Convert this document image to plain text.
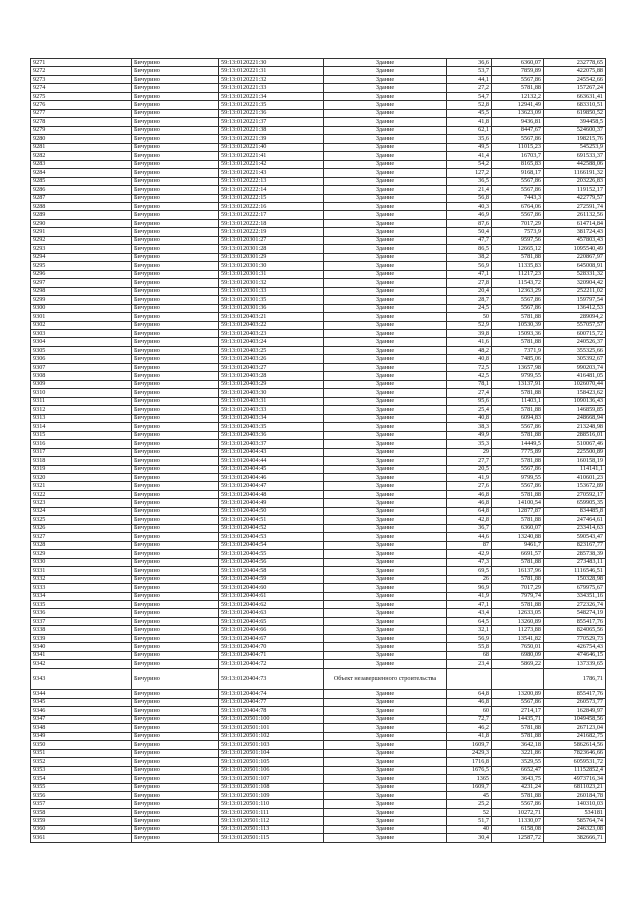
9271	Бичурино	59:13:0120221:30	Здание	36,6	6360,07	232778,65
9272	Бичурино	59:13:0120221:31	Здание	53,7	7859,89	422075,88
9273	Бичурино	59:13:0120221:32	Здание	44,1	5567,86	245542,66
9274	Бичурино	59:13:0120221:33	Здание	27,2	5781,88	157267,24
9275	Бичурино	59:13:0120221:34	Здание	54,7	12132,2	663631,41
9276	Бичурино	59:13:0120221:35	Здание	52,8	12941,49	683310,51
9277	Бичурино	59:13:0120221:36	Здание	45,5	13623,09	619850,52
9278	Бичурино	59:13:0120221:37	Здание	41,8	9436,81	394458,5
9279	Бичурино	59:13:0120221:38	Здание	62,1	8447,67	524600,37
9280	Бичурино	59:13:0120221:39	Здание	35,6	5567,86	198215,76
9281	Бичурино	59:13:0120221:40	Здание	49,5	11015,23	545253,9
9282	Бичурино	59:13:0120221:41	Здание	41,4	16703,7	691533,37
9283	Бичурино	59:13:0120221:42	Здание	54,2	8165,83	442588,06
9284	Бичурино	59:13:0120221:43	Здание	127,2	9168,17	1166191,32
9285	Бичурино	59:13:0120222:13	Здание	36,5	5567,86	203226,83
9286	Бичурино	59:13:0120222:14	Здание	21,4	5567,86	119152,17
9287	Бичурино	59:13:0120222:15	Здание	56,8	7443,3	422779,57
9288	Бичурино	59:13:0120222:16	Здание	40,3	6764,06	272591,74
9289	Бичурино	59:13:0120222:17	Здание	46,9	5567,86	261132,56
9290	Бичурино	59:13:0120222:18	Здание	87,6	7017,29	614714,84
9291	Бичурино	59:13:0120222:19	Здание	50,4	7573,9	381724,43
9292	Бичурино	59:13:0120301:27	Здание	47,7	9597,56	457803,43
9293	Бичурино	59:13:0120301:28	Здание	86,5	12665,12	1095540,49
9294	Бичурино	59:13:0120301:29	Здание	38,2	5781,88	220867,97
9295	Бичурино	59:13:0120301:30	Здание	56,9	11335,83	645008,91
9296	Бичурино	59:13:0120301:31	Здание	47,1	11217,23	528331,32
9297	Бичурино	59:13:0120301:32	Здание	27,8	11543,72	320904,42
9298	Бичурино	59:13:0120301:33	Здание	20,4	12363,29	252211,02
9299	Бичурино	59:13:0120301:35	Здание	28,7	5567,86	159797,54
9300	Бичурино	59:13:0120301:36	Здание	24,5	5567,86	136412,53
9301	Бичурино	59:13:0120403:21	Здание	50	5781,88	289094,2
9302	Бичурино	59:13:0120403:22	Здание	52,9	10530,39	557057,57
9303	Бичурино	59:13:0120403:23	Здание	39,8	15093,36	600715,72
9304	Бичурино	59:13:0120403:24	Здание	41,6	5781,88	240526,37
9305	Бичурино	59:13:0120403:25	Здание	48,2	7371,9	355325,66
9306	Бичурино	59:13:0120403:26	Здание	40,8	7485,06	305392,67
9307	Бичурино	59:13:0120403:27	Здание	72,5	13657,98	990203,74
9308	Бичурино	59:13:0120403:28	Здание	42,5	9799,55	416481,05
9309	Бичурино	59:13:0120403:29	Здание	78,1	13137,91	1026070,44
9310	Бичурино	59:13:0120403:30	Здание	27,4	5781,88	158423,62
9311	Бичурино	59:13:0120403:31	Здание	95,6	11403,1	1090136,43
9312	Бичурино	59:13:0120403:33	Здание	25,4	5781,88	146859,85
9313	Бичурино	59:13:0120403:34	Здание	40,8	6094,83	248668,94
9314	Бичурино	59:13:0120403:35	Здание	38,3	5567,86	213248,98
9315	Бичурино	59:13:0120403:36	Здание	49,9	5781,88	288516,01
9316	Бичурино	59:13:0120403:37	Здание	35,3	14449,5	510067,46
9317	Бичурино	59:13:0120404:43	Здание	29	7775,89	225500,89
9318	Бичурино	59:13:0120404:44	Здание	27,7	5781,88	160158,19
9319	Бичурино	59:13:0120404:45	Здание	20,5	5567,86	114141,1
9320	Бичурино	59:13:0120404:46	Здание	41,9	9799,55	410601,23
9321	Бичурино	59:13:0120404:47	Здание	27,6	5567,86	153672,89
9322	Бичурино	59:13:0120404:48	Здание	46,8	5781,88	270592,17
9323	Бичурино	59:13:0120404:49	Здание	46,8	14100,54	659905,35
9324	Бичурино	59:13:0120404:50	Здание	64,8	12877,87	834485,8
9325	Бичурино	59:13:0120404:51	Здание	42,8	5781,88	247464,61
9326	Бичурино	59:13:0120404:52	Здание	36,7	6360,07	233414,63
9327	Бичурино	59:13:0120404:53	Здание	44,6	13240,88	590543,47
9328	Бичурино	59:13:0120404:54	Здание	87	9461,7	823167,77
9329	Бичурино	59:13:0120404:55	Здание	42,9	6691,57	285738,39
9330	Бичурино	59:13:0120404:56	Здание	47,3	5781,88	273483,11
9331	Бичурино	59:13:0120404:58	Здание	69,5	16137,96	1116546,51
9332	Бичурино	59:13:0120404:59	Здание	26	5781,88	150328,98
9333	Бичурино	59:13:0120404:60	Здание	96,9	7017,29	679975,67
9334	Бичурино	59:13:0120404:61	Здание	41,9	7979,74	334351,16
9335	Бичурино	59:13:0120404:62	Здание	47,1	5781,88	272326,74
9336	Бичурино	59:13:0120404:63	Здание	43,4	12633,05	548274,19
9337	Бичурино	59:13:0120404:65	Здание	64,5	13260,89	855417,76
9338	Бичурино	59:13:0120404:66	Здание	32,1	11273,88	824065,56
9339	Бичурино	59:13:0120404:67	Здание	56,9	13541,82	770529,73
9340	Бичурино	59:13:0120404:70	Здание	55,8	7650,01	426754,43
9341	Бичурино	59:13:0120404:71	Здание	68	6980,09	474646,15
9342	Бичурино	59:13:0120404:72	Здание	23,4	5869,22	137339,65
9343	Бичурино	59:13:0120404:73	Объект незавершенного строительства			1786,71
9344	Бичурино	59:13:0120404:74	Здание	64,8	13200,89	855417,76
9345	Бичурино	59:13:0120404:77	Здание	46,8	5567,86	260573,77
9346	Бичурино	59:13:0120404:78	Здание	60	2714,17	162849,97
9347	Бичурино	59:13:0120501:100	Здание	72,7	14435,71	1049458,56
9348	Бичурино	59:13:0120501:101	Здание	46,2	5781,88	267123,04
9349	Бичурино	59:13:0120501:102	Здание	41,8	5781,88	241682,75
9350	Бичурино	59:13:0120501:103	Здание	1609,7	3642,18	5862614,56
9351	Бичурино	59:13:0120501:104	Здание	2429,3	3221,86	7823646,66
9352	Бичурино	59:13:0120501:105	Здание	1716,8	3529,55	6059531,72
9353	Бичурино	59:13:0120501:106	Здание	1676,5	6652,47	11152852,4
9354	Бичурино	59:13:0120501:107	Здание	1365	3643,75	4973716,34
9355	Бичурино	59:13:0120501:108	Здание	1609,7	4231,24	6811023,21
9356	Бичурино	59:13:0120501:109	Здание	45	5781,88	260184,78
9357	Бичурино	59:13:0120501:110	Здание	25,2	5567,86	140310,03
9358	Бичурино	59:13:0120501:111	Здание	52	10272,71	534181
9359	Бичурино	59:13:0120501:112	Здание	51,7	11330,07	585764,74
9360	Бичурино	59:13:0120501:113	Здание	40	6158,08	246323,08
9361	Бичурино	59:13:0120501:115	Здание	30,4	12587,72	382666,71
